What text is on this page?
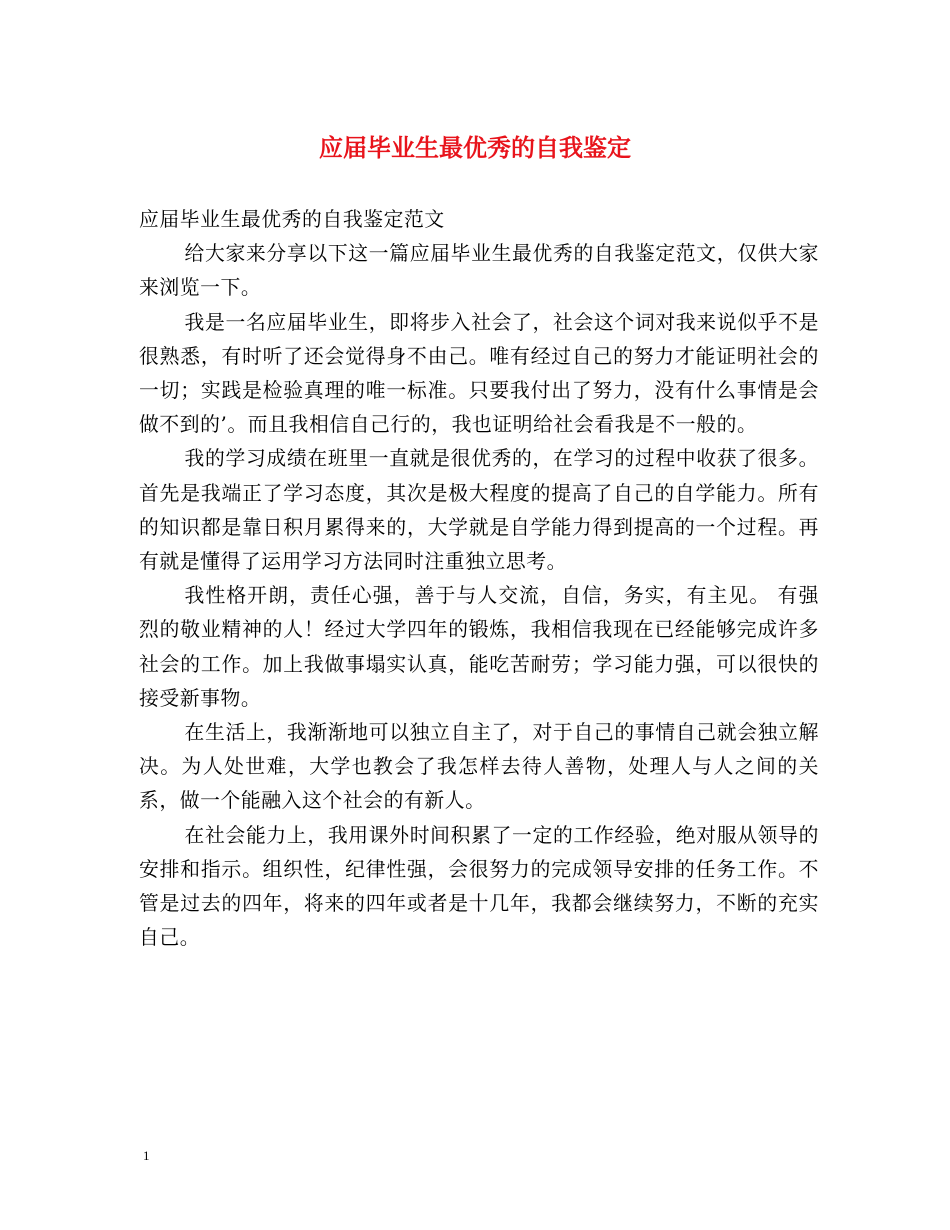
应届毕业生最优秀的自我鉴定

应届毕业生最优秀的自我鉴定范文

给大家来分享以下这一篇应届毕业生最优秀的自我鉴定范文，仅供大家来浏览一下。

我是一名应届毕业生，即将步入社会了，社会这个词对我来说似乎不是很熟悉，有时听了还会觉得身不由己。唯有经过自己的努力才能证明社会的一切；实践是检验真理的唯一标准。只要我付出了努力，没有什么事情是会做不到的’。而且我相信自己行的，我也证明给社会看我是不一般的。

我的学习成绩在班里一直就是很优秀的，在学习的过程中收获了很多。首先是我端正了学习态度，其次是极大程度的提高了自己的自学能力。所有的知识都是靠日积月累得来的，大学就是自学能力得到提高的一个过程。再有就是懂得了运用学习方法同时注重独立思考。

我性格开朗，责任心强，善于与人交流，自信，务实，有主见。 有强烈的敬业精神的人！经过大学四年的锻炼，我相信我现在已经能够完成许多社会的工作。加上我做事塌实认真，能吃苦耐劳；学习能力强，可以很快的接受新事物。

在生活上，我渐渐地可以独立自主了，对于自己的事情自己就会独立解决。为人处世难，大学也教会了我怎样去待人善物，处理人与人之间的关系，做一个能融入这个社会的有新人。

在社会能力上，我用课外时间积累了一定的工作经验，绝对服从领导的安排和指示。组织性，纪律性强，会很努力的完成领导安排的任务工作。不管是过去的四年，将来的四年或者是十几年，我都会继续努力，不断的充实自己。

1
